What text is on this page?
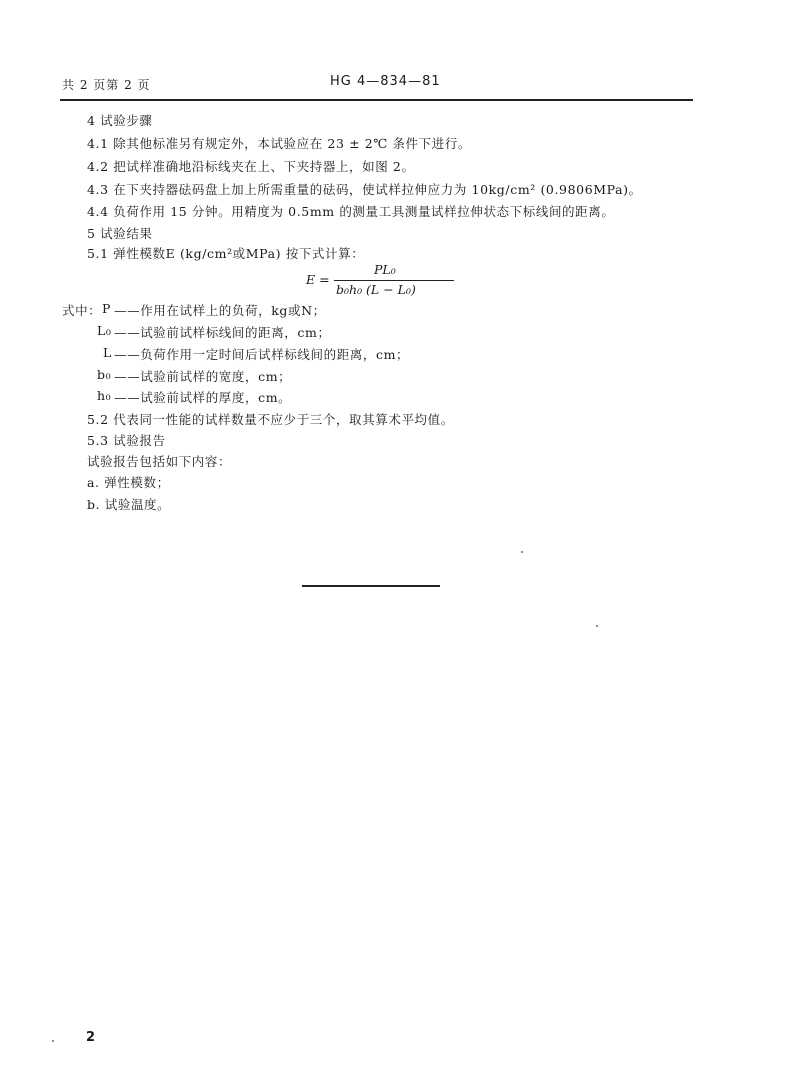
共 2 页第 2 页	HG 4—834—81
4 试验步骤
4.1 除其他标准另有规定外，本试验应在 23 ± 2℃ 条件下进行。
4.2 把试样准确地沿标线夹在上、下夹持器上，如图 2。
4.3 在下夹持器砝码盘上加上所需重量的砝码，使试样拉伸应力为 10kg/cm² (0.9806MPa)。
4.4 负荷作用 15 分钟。用精度为 0.5mm 的测量工具测量试样拉伸状态下标线间的距离。
5 试验结果
5.1 弹性模数E (kg/cm²或MPa) 按下式计算：
E =
PL₀
b₀h₀ (L − L₀)
式中： P ——作用在试样上的负荷，kg或N；
L₀ ——试验前试样标线间的距离，cm；
L ——负荷作用一定时间后试样标线间的距离，cm；
b₀ ——试验前试样的宽度，cm；
h₀ ——试验前试样的厚度，cm。
5.2 代表同一性能的试样数量不应少于三个，取其算术平均值。
5.3 试验报告
试验报告包括如下内容：
a. 弹性模数；
b. 试验温度。
2
